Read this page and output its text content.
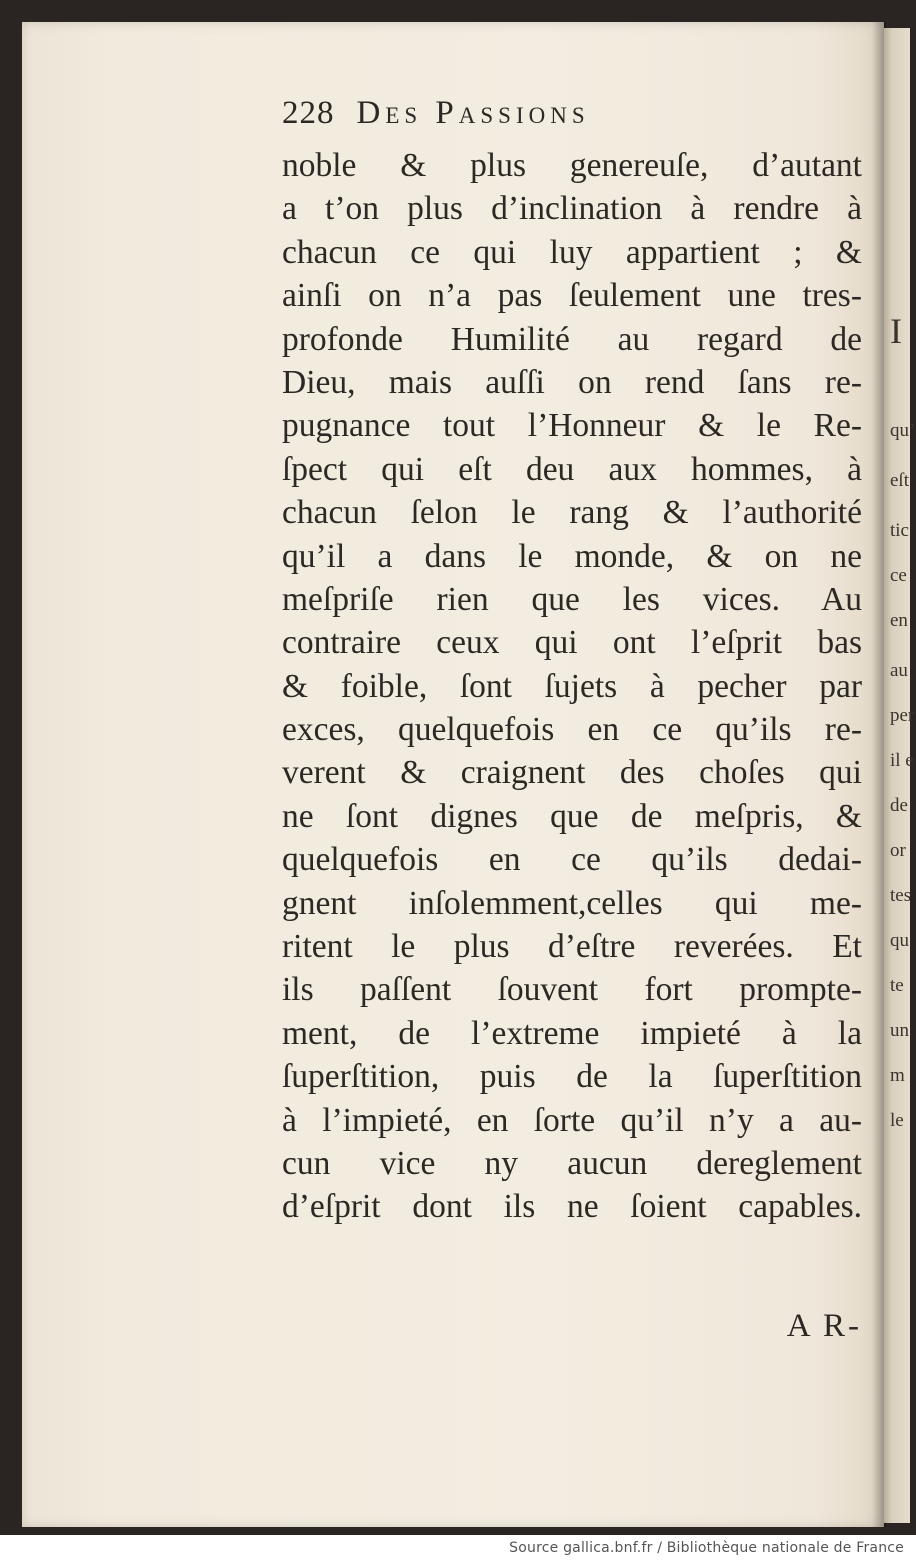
I
qu’
eſt
tic
ce
en
au
per
il e
de
or
tes
qu
te
un
m
le
228 Des Passions
noble & plus genereuſe, d’autant
a t’on plus d’inclination à rendre à
chacun ce qui luy appartient ; &
ainſi on n’a pas ſeulement une tres-
profonde Humilité au regard de
Dieu, mais auſſi on rend ſans re-
pugnance tout l’Honneur & le Re-
ſpect qui eſt deu aux hommes, à
chacun ſelon le rang & l’authorité
qu’il a dans le monde, & on ne
meſpriſe rien que les vices. Au
contraire ceux qui ont l’eſprit bas
& foible, ſont ſujets à pecher par
exces, quelquefois en ce qu’ils re-
verent & craignent des choſes qui
ne ſont dignes que de meſpris, &
quelquefois en ce qu’ils dedai-
gnent inſolemment,celles qui me-
ritent le plus d’eſtre reverées. Et
ils paſſent ſouvent fort prompte-
ment, de l’extreme impieté à la
ſuperſtition, puis de la ſuperſtition
à l’impieté, en ſorte qu’il n’y a au-
cun vice ny aucun dereglement
d’eſprit dont ils ne ſoient capables.
A R-
Source gallica.bnf.fr / Bibliothèque nationale de France
